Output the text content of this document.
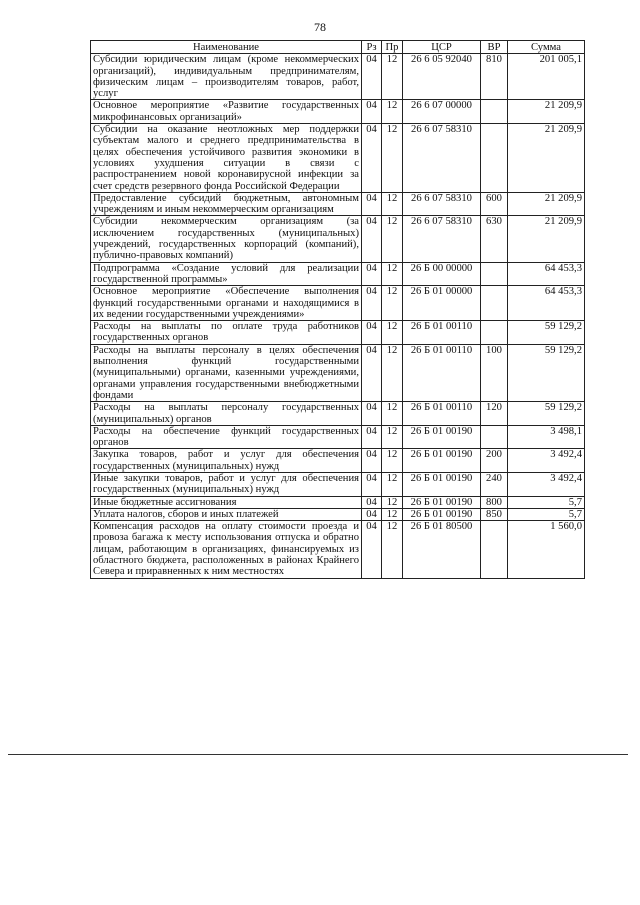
78
Наименование	Рз	Пр	ЦСР	ВР	Сумма
Субсидии юридическим лицам (кроме некоммерческих организаций), индивидуальным предпринимателям, физическим лицам – производителям товаров, работ, услуг	04	12	26 6 05 92040	810	201 005,1
Основное мероприятие «Развитие государственных микрофинансовых организаций»	04	12	26 6 07 00000		21 209,9
Субсидии на оказание неотложных мер поддержки субъектам малого и среднего предпринимательства в целях обеспечения устойчивого развития экономики в условиях ухудшения ситуации в связи с распространением новой коронавирусной инфекции за счет средств резервного фонда Российской Федерации	04	12	26 6 07 58310		21 209,9
Предоставление субсидий бюджетным, автономным учреждениям и иным некоммерческим организациям	04	12	26 6 07 58310	600	21 209,9
Субсидии некоммерческим организациям (за исключением государственных (муниципальных) учреждений, государственных корпораций (компаний), публично-правовых компаний)	04	12	26 6 07 58310	630	21 209,9
Подпрограмма «Создание условий для реализации государственной программы»	04	12	26 Б 00 00000		64 453,3
Основное мероприятие «Обеспечение выполнения функций государственными органами и находящимися в их ведении государственными учреждениями»	04	12	26 Б 01 00000		64 453,3
Расходы на выплаты по оплате труда работников государственных органов	04	12	26 Б 01 00110		59 129,2
Расходы на выплаты персоналу в целях обеспечения выполнения функций государственными (муниципальными) органами, казенными учреждениями, органами управления государственными внебюджетными фондами	04	12	26 Б 01 00110	100	59 129,2
Расходы на выплаты персоналу государственных (муниципальных) органов	04	12	26 Б 01 00110	120	59 129,2
Расходы на обеспечение функций государственных органов	04	12	26 Б 01 00190		3 498,1
Закупка товаров, работ и услуг для обеспечения государственных (муниципальных) нужд	04	12	26 Б 01 00190	200	3 492,4
Иные закупки товаров, работ и услуг для обеспечения государственных (муниципальных) нужд	04	12	26 Б 01 00190	240	3 492,4
Иные бюджетные ассигнования	04	12	26 Б 01 00190	800	5,7
Уплата налогов, сборов и иных платежей	04	12	26 Б 01 00190	850	5,7
Компенсация расходов на оплату стоимости проезда и провоза багажа к месту использования отпуска и обратно лицам, работающим в организациях, финансируемых из областного бюджета, расположенных в районах Крайнего Севера и приравненных к ним местностях	04	12	26 Б 01 80500		1 560,0
